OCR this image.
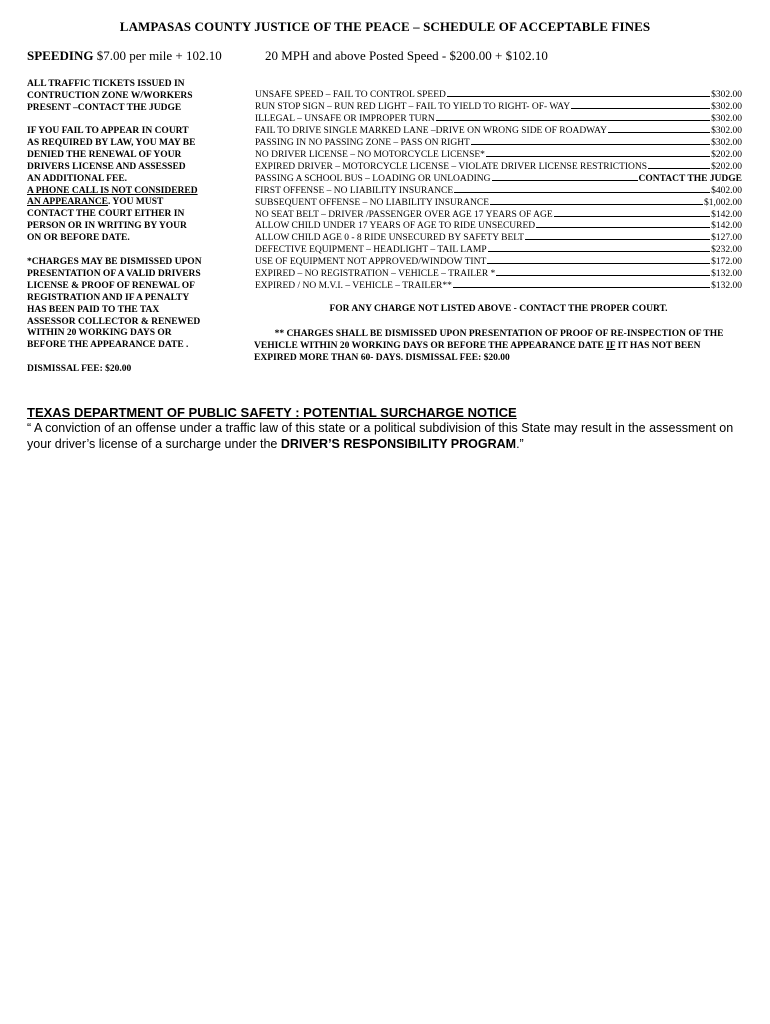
LAMPASAS COUNTY JUSTICE OF THE PEACE – SCHEDULE OF ACCEPTABLE FINES
SPEEDING $7.00 per mile + 102.10	20 MPH and above Posted Speed - $200.00 + $102.10

ALL TRAFFIC TICKETS ISSUED IN

CONTRUCTION ZONE W/WORKERS

PRESENT –CONTACT THE JUDGE

IF YOU FAIL TO APPEAR IN COURT

AS REQUIRED BY LAW, YOU MAY BE

DENIED THE RENEWAL OF YOUR

DRIVERS LICENSE AND ASSESSED

AN ADDITIONAL FEE.

A PHONE CALL IS NOT CONSIDERED

AN APPEARANCE. YOU MUST

CONTACT THE COURT EITHER IN

PERSON OR IN WRITING BY YOUR

ON OR BEFORE DATE.

*CHARGES MAY BE DISMISSED UPON

PRESENTATION OF A VALID DRIVERS

LICENSE & PROOF OF RENEWAL OF

REGISTRATION AND IF A PENALTY

HAS BEEN PAID TO THE TAX

ASSESSOR COLLECTOR & RENEWED

WITHIN 20 WORKING DAYS OR

BEFORE THE APPEARANCE DATE .

DISMISSAL FEE: $20.00
UNSAFE SPEED – FAIL TO CONTROL SPEED	$302.00
RUN STOP SIGN – RUN RED LIGHT – FAIL TO YIELD TO RIGHT- OF- WAY	$302.00
ILLEGAL – UNSAFE OR IMPROPER TURN	$302.00
FAIL TO DRIVE SINGLE MARKED LANE –DRIVE ON WRONG SIDE OF ROADWAY	$302.00
PASSING IN NO PASSING ZONE – PASS ON RIGHT	$302.00
NO DRIVER LICENSE – NO MOTORCYCLE LICENSE*	$202.00
EXPIRED DRIVER – MOTORCYCLE LICENSE – VIOLATE DRIVER LICENSE RESTRICTIONS	$202.00
PASSING A SCHOOL BUS – LOADING OR UNLOADING	CONTACT THE JUDGE
FIRST OFFENSE – NO LIABILITY INSURANCE	$402.00
SUBSEQUENT OFFENSE – NO LIABILITY INSURANCE	$1,002.00
NO SEAT BELT – DRIVER /PASSENGER OVER AGE 17 YEARS OF AGE	$142.00
ALLOW CHILD UNDER 17 YEARS OF AGE TO RIDE UNSECURED	$142.00
ALLOW CHILD AGE 0 - 8 RIDE UNSECURED BY SAFETY BELT	$127.00
DEFECTIVE EQUIPMENT – HEADLIGHT – TAIL LAMP	$232.00
USE OF EQUIPMENT NOT APPROVED/WINDOW TINT	$172.00
EXPIRED – NO REGISTRATION – VEHICLE – TRAILER *	$132.00
EXPIRED / NO M.V.I. – VEHICLE – TRAILER**	$132.00
FOR ANY CHARGE NOT LISTED ABOVE - CONTACT THE PROPER COURT.

** CHARGES SHALL BE DISMISSED UPON PRESENTATION OF PROOF OF RE-INSPECTION OF THE

VEHICLE WITHIN 20 WORKING DAYS OR BEFORE THE APPEARANCE DATE IF IT HAS NOT BEEN

EXPIRED MORE THAN 60- DAYS. DISMISSAL FEE: $20.00

TEXAS DEPARTMENT OF PUBLIC SAFETY : POTENTIAL SURCHARGE NOTICE

“ A conviction of an offense under a traffic law of this state or a political subdivision of this State may result in the assessment on

your driver’s license of a surcharge under the DRIVER’S RESPONSIBILITY PROGRAM.”
